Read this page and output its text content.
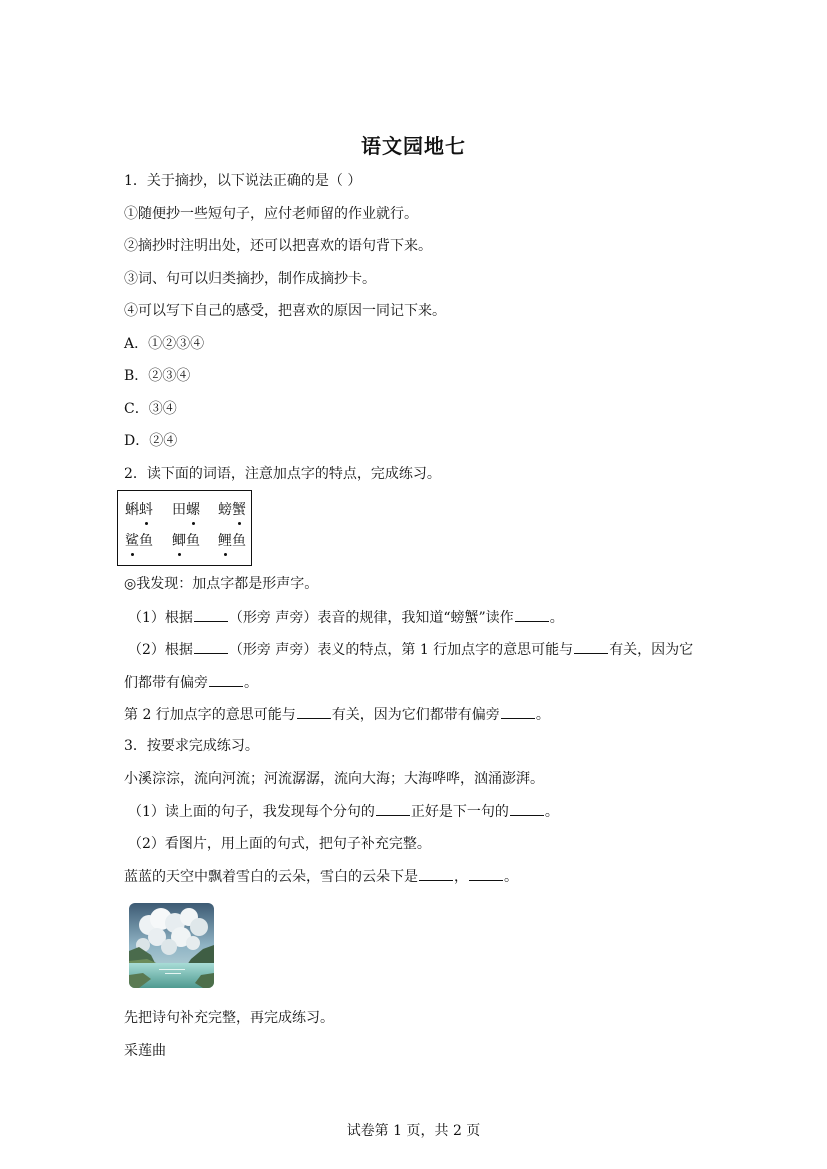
语文园地七
1．关于摘抄，以下说法正确的是（ ）
①随便抄一些短句子，应付老师留的作业就行。
②摘抄时注明出处，还可以把喜欢的语句背下来。
③词、句可以归类摘抄，制作成摘抄卡。
④可以写下自己的感受，把喜欢的原因一同记下来。
A．①②③④
B．②③④
C．③④
D．②④
2．读下面的词语，注意加点字的特点，完成练习。
蝌蚪 田螺 螃蟹
鲨鱼 鲫鱼 鲤鱼
◎我发现：加点字都是形声字。
（1）根据	（形旁 声旁）表音的规律，我知道“螃蟹”读作	。
（2）根据	（形旁 声旁）表义的特点，第 1 行加点字的意思可能与	有关，因为它
们都带有偏旁	。
第 2 行加点字的意思可能与	有关，因为它们都带有偏旁	。
3．按要求完成练习。
小溪淙淙，流向河流；河流潺潺，流向大海；大海哗哗，汹涌澎湃。
（1）读上面的句子，我发现每个分句的	正好是下一句的	。
（2）看图片，用上面的句式，把句子补充完整。
蓝蓝的天空中飘着雪白的云朵，雪白的云朵下是	，	。
先把诗句补充完整，再完成练习。
采莲曲
试卷第 1 页，共 2 页
